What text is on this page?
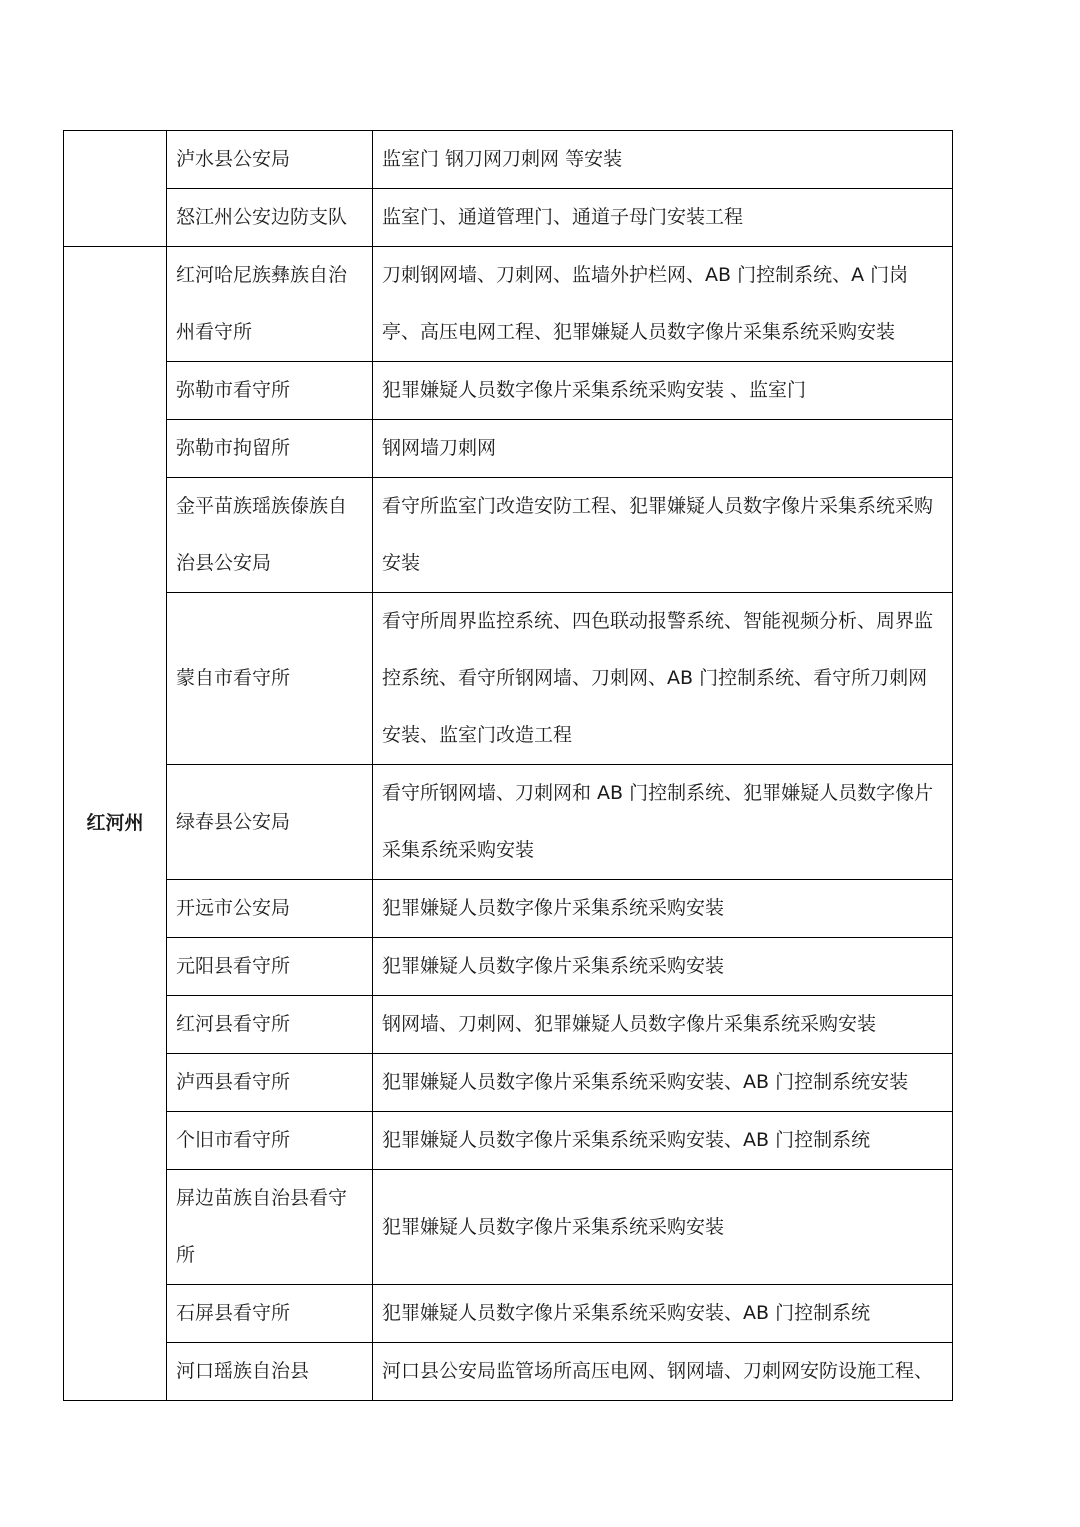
	泸水县公安局	监室门 钢刀网刀刺网 等安装
	怒江州公安边防支队	监室门、通道管理门、通道子母门安装工程
红河州	红河哈尼族彝族自治州看守所	刀刺钢网墙、刀刺网、监墙外护栏网、AB 门控制系统、A 门岗亭、高压电网工程、犯罪嫌疑人员数字像片采集系统采购安装
	弥勒市看守所	犯罪嫌疑人员数字像片采集系统采购安装 、监室门
	弥勒市拘留所	钢网墙刀刺网
	金平苗族瑶族傣族自治县公安局	看守所监室门改造安防工程、犯罪嫌疑人员数字像片采集系统采购安装
	蒙自市看守所	看守所周界监控系统、四色联动报警系统、智能视频分析、周界监控系统、看守所钢网墙、刀刺网、AB 门控制系统、看守所刀刺网安装、监室门改造工程
	绿春县公安局	看守所钢网墙、刀刺网和 AB 门控制系统、犯罪嫌疑人员数字像片采集系统采购安装
	开远市公安局	犯罪嫌疑人员数字像片采集系统采购安装
	元阳县看守所	犯罪嫌疑人员数字像片采集系统采购安装
	红河县看守所	钢网墙、刀刺网、犯罪嫌疑人员数字像片采集系统采购安装
	泸西县看守所	犯罪嫌疑人员数字像片采集系统采购安装、AB 门控制系统安装
	个旧市看守所	犯罪嫌疑人员数字像片采集系统采购安装、AB 门控制系统
	屏边苗族自治县看守所	犯罪嫌疑人员数字像片采集系统采购安装
	石屏县看守所	犯罪嫌疑人员数字像片采集系统采购安装、AB 门控制系统
	河口瑶族自治县	河口县公安局监管场所高压电网、钢网墙、刀刺网安防设施工程、
